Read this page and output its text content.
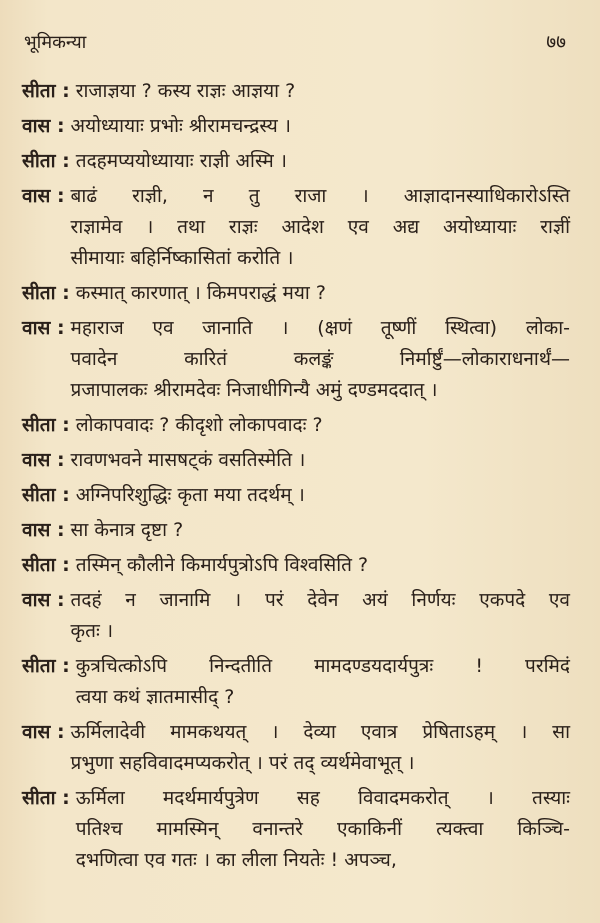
भूमिकन्या	७७
सीता : राजाज्ञया ? कस्य राज्ञः आज्ञया ?
वास : अयोध्यायाः प्रभोः श्रीरामचन्द्रस्य ।
सीता : तदहमप्ययोध्यायाः राज्ञी अस्मि ।
वास : बाढं राज्ञी, न तु राजा । आज्ञादानस्याधिकारोऽस्ति
राज्ञामेव । तथा राज्ञः आदेश एव अद्य अयोध्यायाः राज्ञीं
सीमायाः बहिर्निष्कासितां करोति ।
सीता : कस्मात् कारणात् । किमपराद्धं मया ?
वास : महाराज एव जानाति । (क्षणं तूष्णीं स्थित्वा) लोका-
पवादेन कारितं कलङ्कं निर्मार्ष्टुं—लोकाराधनार्थं—
प्रजापालकः श्रीरामदेवः निजाधीगिन्यै अमुं दण्डमददात् ।
सीता : लोकापवादः ? कीदृशो लोकापवादः ?
वास : रावणभवने मासषट्कं वसतिस्मेति ।
सीता : अग्निपरिशुद्धिः कृता मया तदर्थम् ।
वास : सा केनात्र दृष्टा ?
सीता : तस्मिन् कौलीने किमार्यपुत्रोऽपि विश्वसिति ?
वास : तदहं न जानामि । परं देवेन अयं निर्णयः एकपदे एव
कृतः ।
सीता : कुत्रचित्कोऽपि निन्दतीति मामदण्डयदार्यपुत्रः ! परमिदं
त्वया कथं ज्ञातमासीद् ?
वास : ऊर्मिलादेवी मामकथयत् । देव्या एवात्र प्रेषिताऽहम् । सा
प्रभुणा सहविवादमप्यकरोत् । परं तद् व्यर्थमेवाभूत् ।
सीता : ऊर्मिला मदर्थमार्यपुत्रेण सह विवादमकरोत् । तस्याः
पतिश्च मामस्मिन् वनान्तरे एकाकिनीं त्यक्त्वा किञ्चि-
दभणित्वा एव गतः । का लीला नियतेः ! अपञ्च,
